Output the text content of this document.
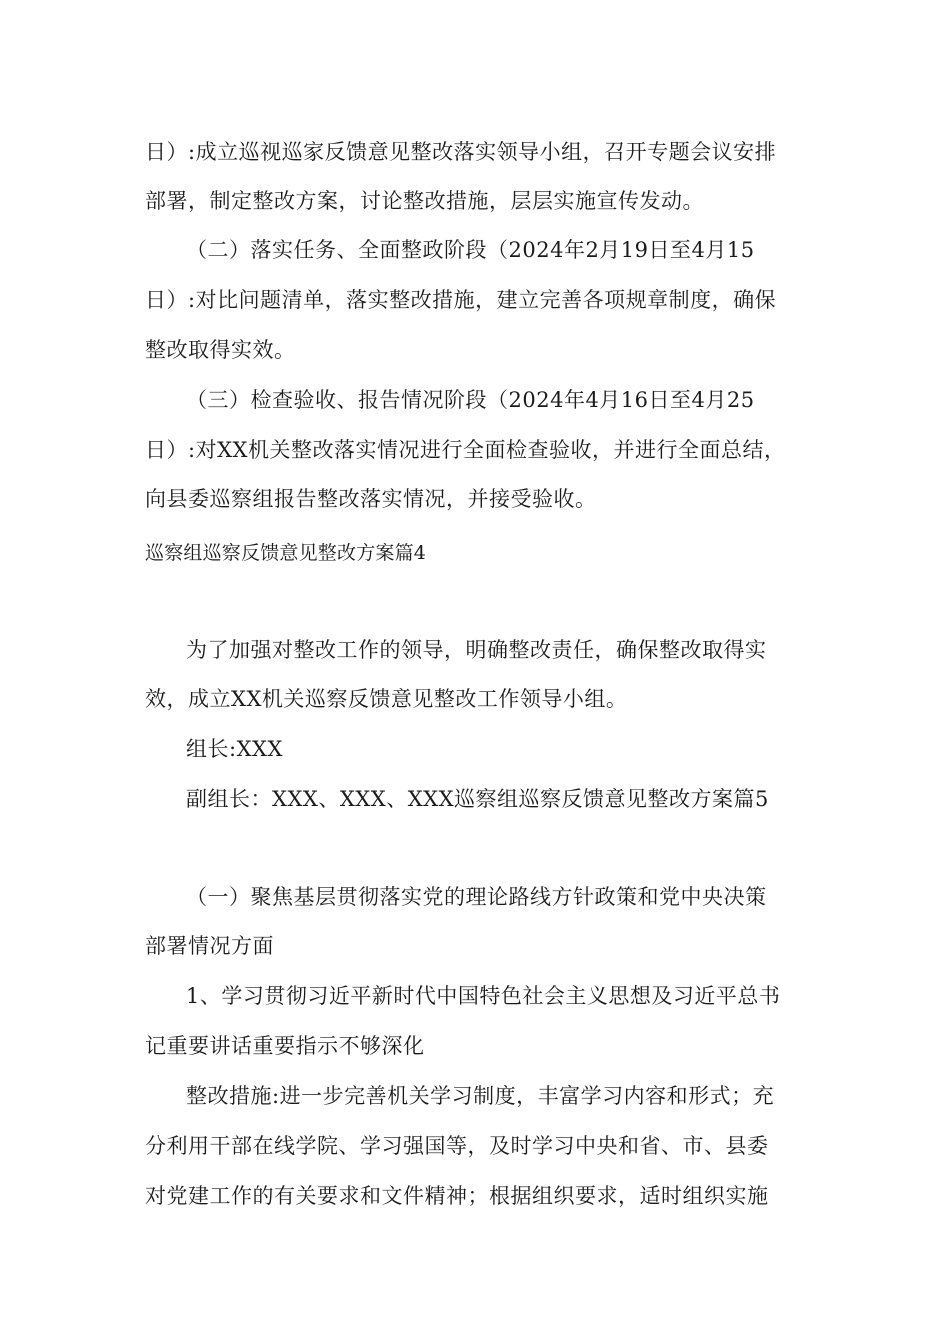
日）:成立巡视巡家反馈意见整改落实领导小组，召开专题会议安排
部署，制定整改方案，讨论整改措施，层层实施宣传发动。
（二）落实任务、全面整政阶段（2024年2月19日至4月15
日）:对比问题清单，落实整改措施，建立完善各项规章制度，确保
整改取得实效。
（三）检查验收、报告情况阶段（2024年4月16日至4月25
日）:对XX机关整改落实情况进行全面检查验收，并进行全面总结，
向县委巡察组报告整改落实情况，并接受验收。
巡察组巡察反馈意见整改方案篇4
为了加强对整改工作的领导，明确整改责任，确保整改取得实
效，成立XX机关巡察反馈意见整改工作领导小组。
组长:XXX
副组长：XXX、XXX、XXX巡察组巡察反馈意见整改方案篇5
（一）聚焦基层贯彻落实党的理论路线方针政策和党中央决策
部署情况方面
1、学习贯彻习近平新时代中国特色社会主义思想及习近平总书
记重要讲话重要指示不够深化
整改措施:进一步完善机关学习制度，丰富学习内容和形式；充
分利用干部在线学院、学习强国等，及时学习中央和省、市、县委
对党建工作的有关要求和文件精神；根据组织要求，适时组织实施
